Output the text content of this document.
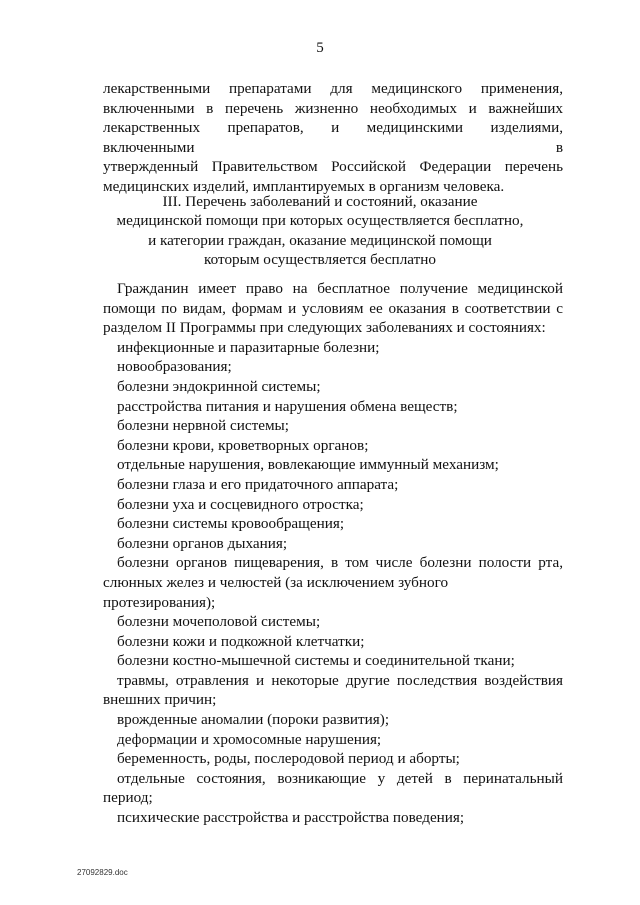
5
лекарственными препаратами для медицинского применения,
включенными в перечень жизненно необходимых и важнейших
лекарственных препаратов, и медицинскими изделиями, включенными в
утвержденный Правительством Российской Федерации перечень
медицинских изделий, имплантируемых в организм человека.
III. Перечень заболеваний и состояний, оказание
медицинской помощи при которых осуществляется бесплатно,
и категории граждан, оказание медицинской помощи
которым осуществляется бесплатно
Гражданин имеет право на бесплатное получение медицинской
помощи по видам, формам и условиям ее оказания в соответствии с
разделом II Программы при следующих заболеваниях и состояниях:
инфекционные и паразитарные болезни;
новообразования;
болезни эндокринной системы;
расстройства питания и нарушения обмена веществ;
болезни нервной системы;
болезни крови, кроветворных органов;
отдельные нарушения, вовлекающие иммунный механизм;
болезни глаза и его придаточного аппарата;
болезни уха и сосцевидного отростка;
болезни системы кровообращения;
болезни органов дыхания;
болезни органов пищеварения, в том числе болезни полости рта,
слюнных желез и челюстей (за исключением зубного протезирования);
болезни мочеполовой системы;
болезни кожи и подкожной клетчатки;
болезни костно-мышечной системы и соединительной ткани;
травмы, отравления и некоторые другие последствия воздействия
внешних причин;
врожденные аномалии (пороки развития);
деформации и хромосомные нарушения;
беременность, роды, послеродовой период и аборты;
отдельные состояния, возникающие у детей в перинатальный
период;
психические расстройства и расстройства поведения;
27092829.doc
